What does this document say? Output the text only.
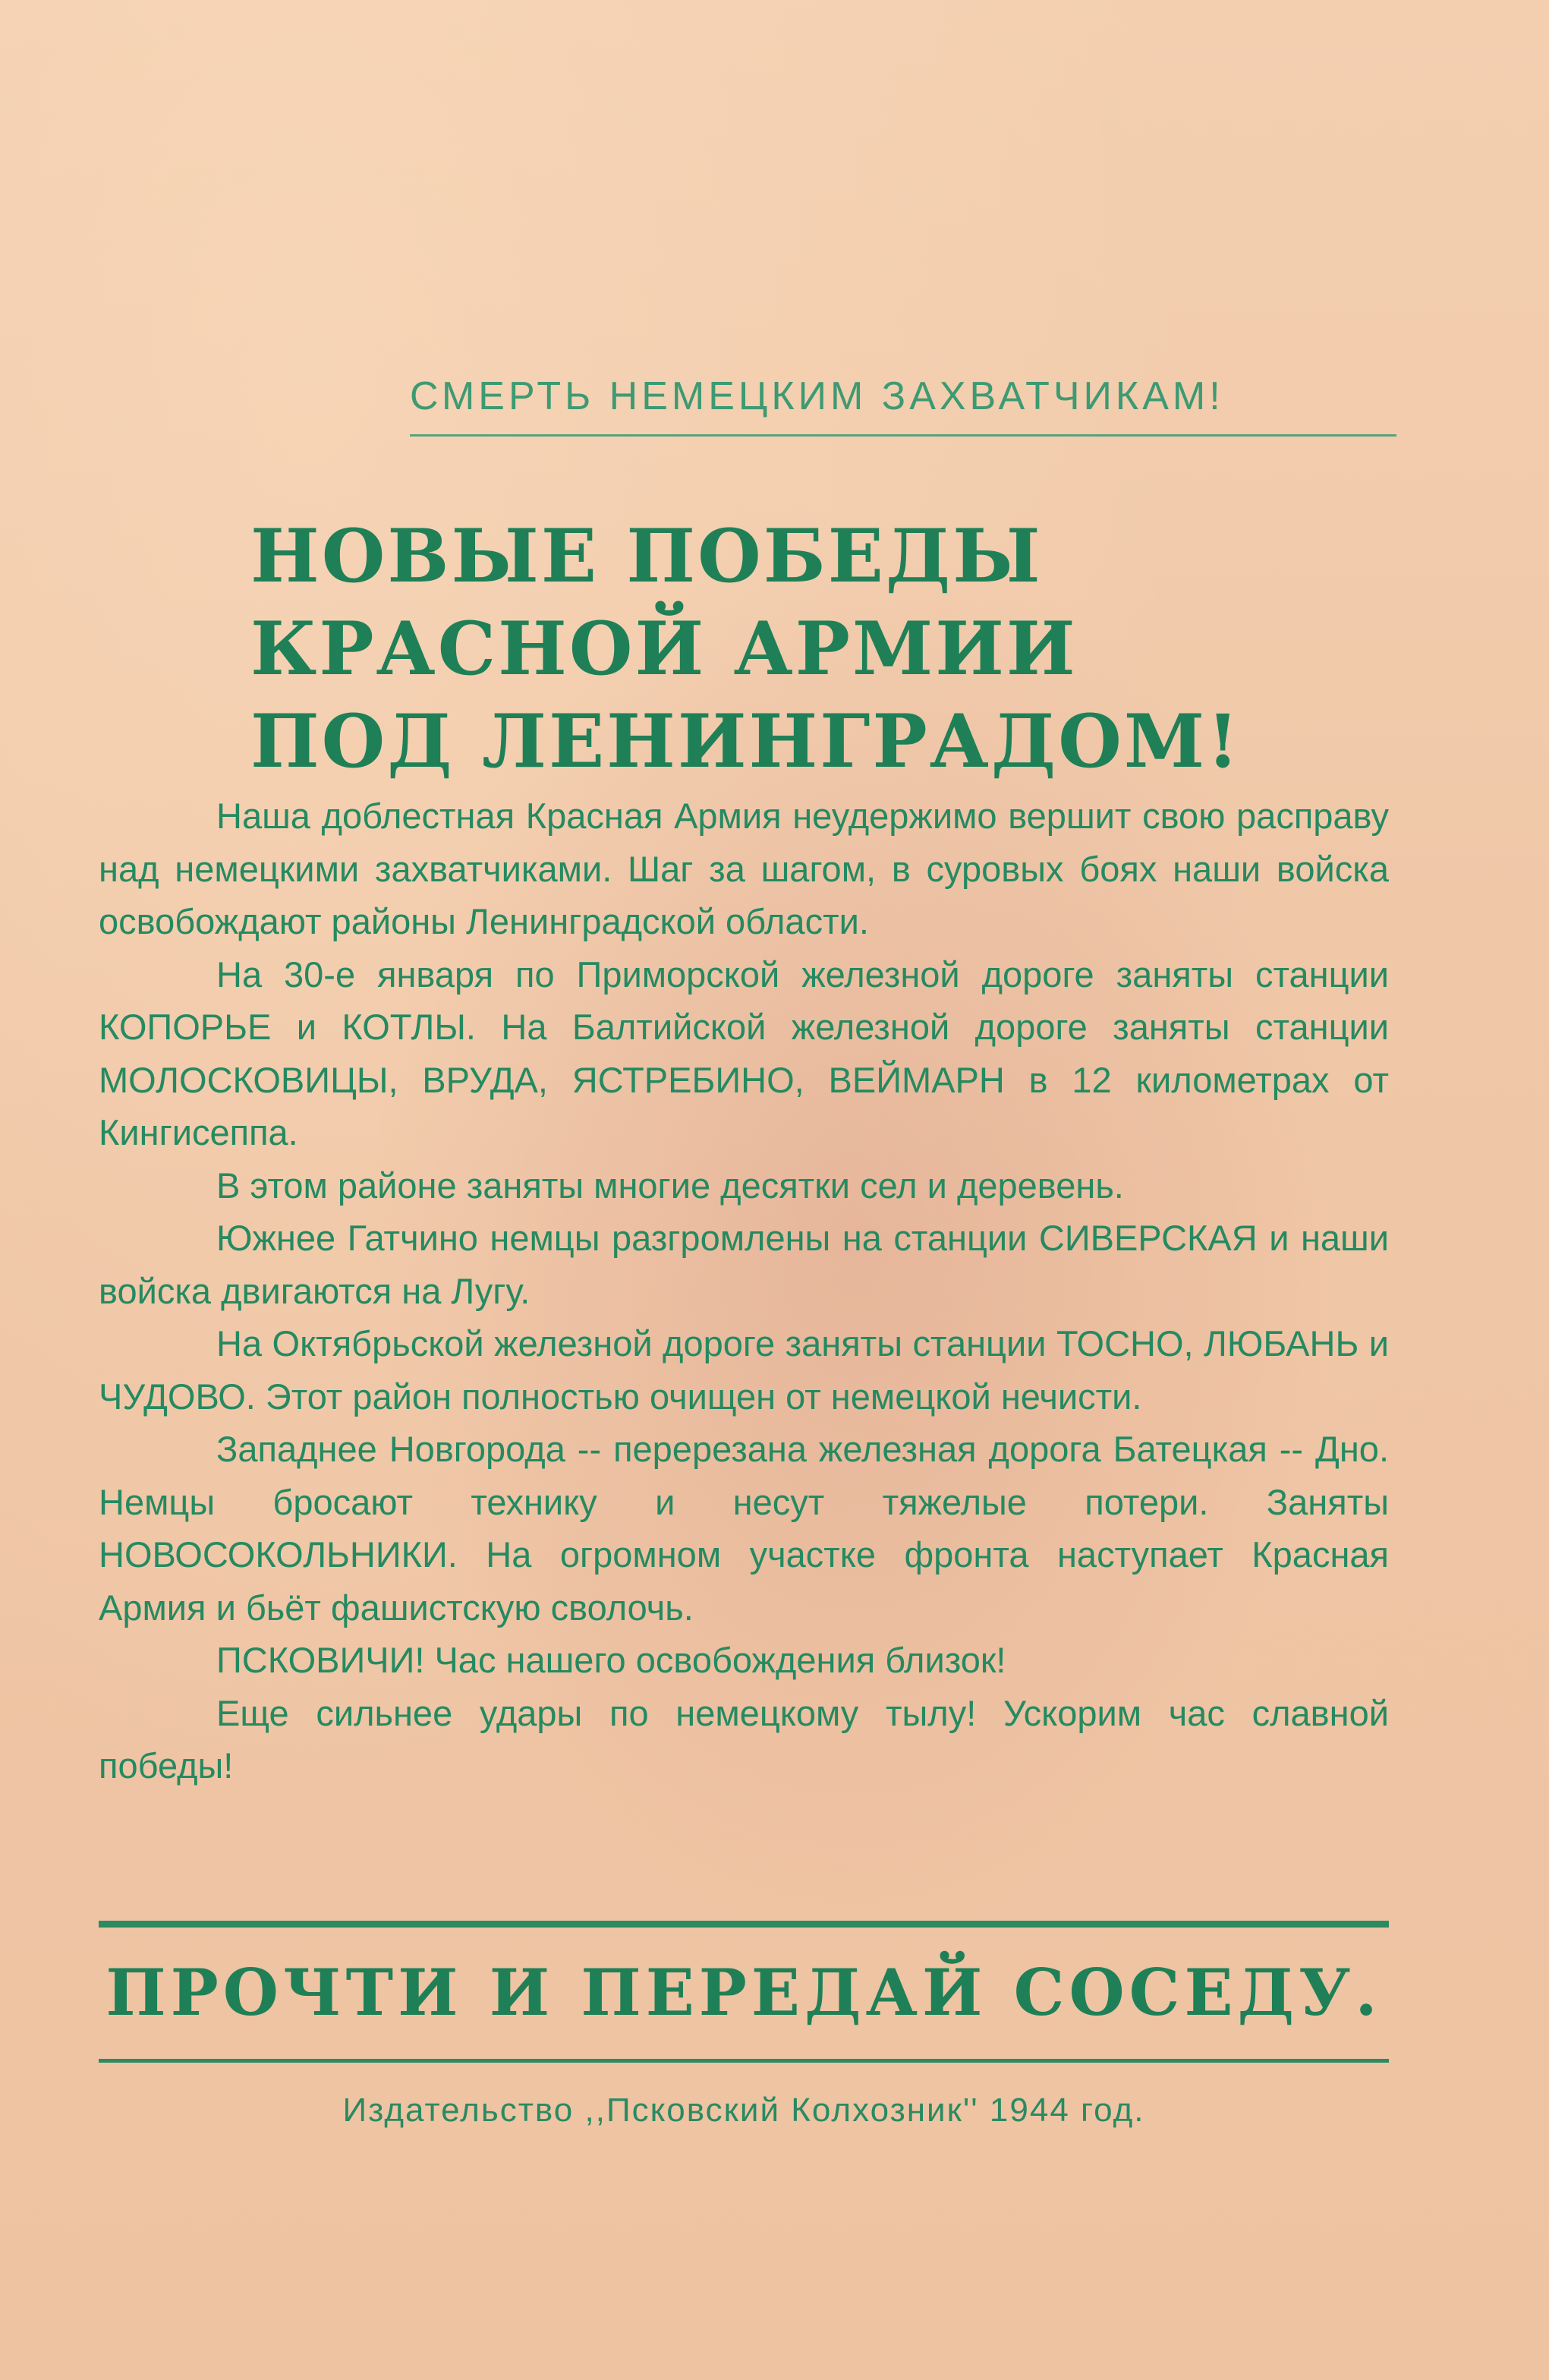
СМЕРТЬ НЕМЕЦКИМ ЗАХВАТЧИКАМ!
НОВЫЕ ПОБЕДЫ
КРАСНОЙ АРМИИ
ПОД ЛЕНИНГРАДОМ!

Наша доблестная Красная Армия неудержимо вершит свою расправу над немецкими захватчиками. Шаг за шагом, в суровых боях наши войска освобождают районы Ленинградской области.

На 30-е января по Приморской железной дороге заняты станции КОПОРЬЕ и КОТЛЫ. На Балтийской железной дороге заняты станции МОЛОСКОВИЦЫ, ВРУДА, ЯСТРЕБИНО, ВЕЙМАРН в 12 километрах от Кингисеппа.

В этом районе заняты многие десятки сел и деревень.

Южнее Гатчино немцы разгромлены на станции СИВЕРСКАЯ и наши войска двигаются на Лугу.

На Октябрьской железной дороге заняты станции ТОСНО, ЛЮБАНЬ и ЧУДОВО. Этот район полностью очищен от немецкой нечисти.

Западнее Новгорода -- перерезана железная дорога Батецкая -- Дно. Немцы бросают технику и несут тяжелые потери. Заняты НОВОСОКОЛЬНИКИ. На огромном участке фронта наступает Красная Армия и бьёт фашистскую сволочь.

ПСКОВИЧИ! Час нашего освобождения близок!

Еще сильнее удары по немецкому тылу! Ускорим час славной победы!

ПРОЧТИ И ПЕРЕДАЙ СОСЕДУ.
Издательство ,,Псковский Колхозник'' 1944 год.
